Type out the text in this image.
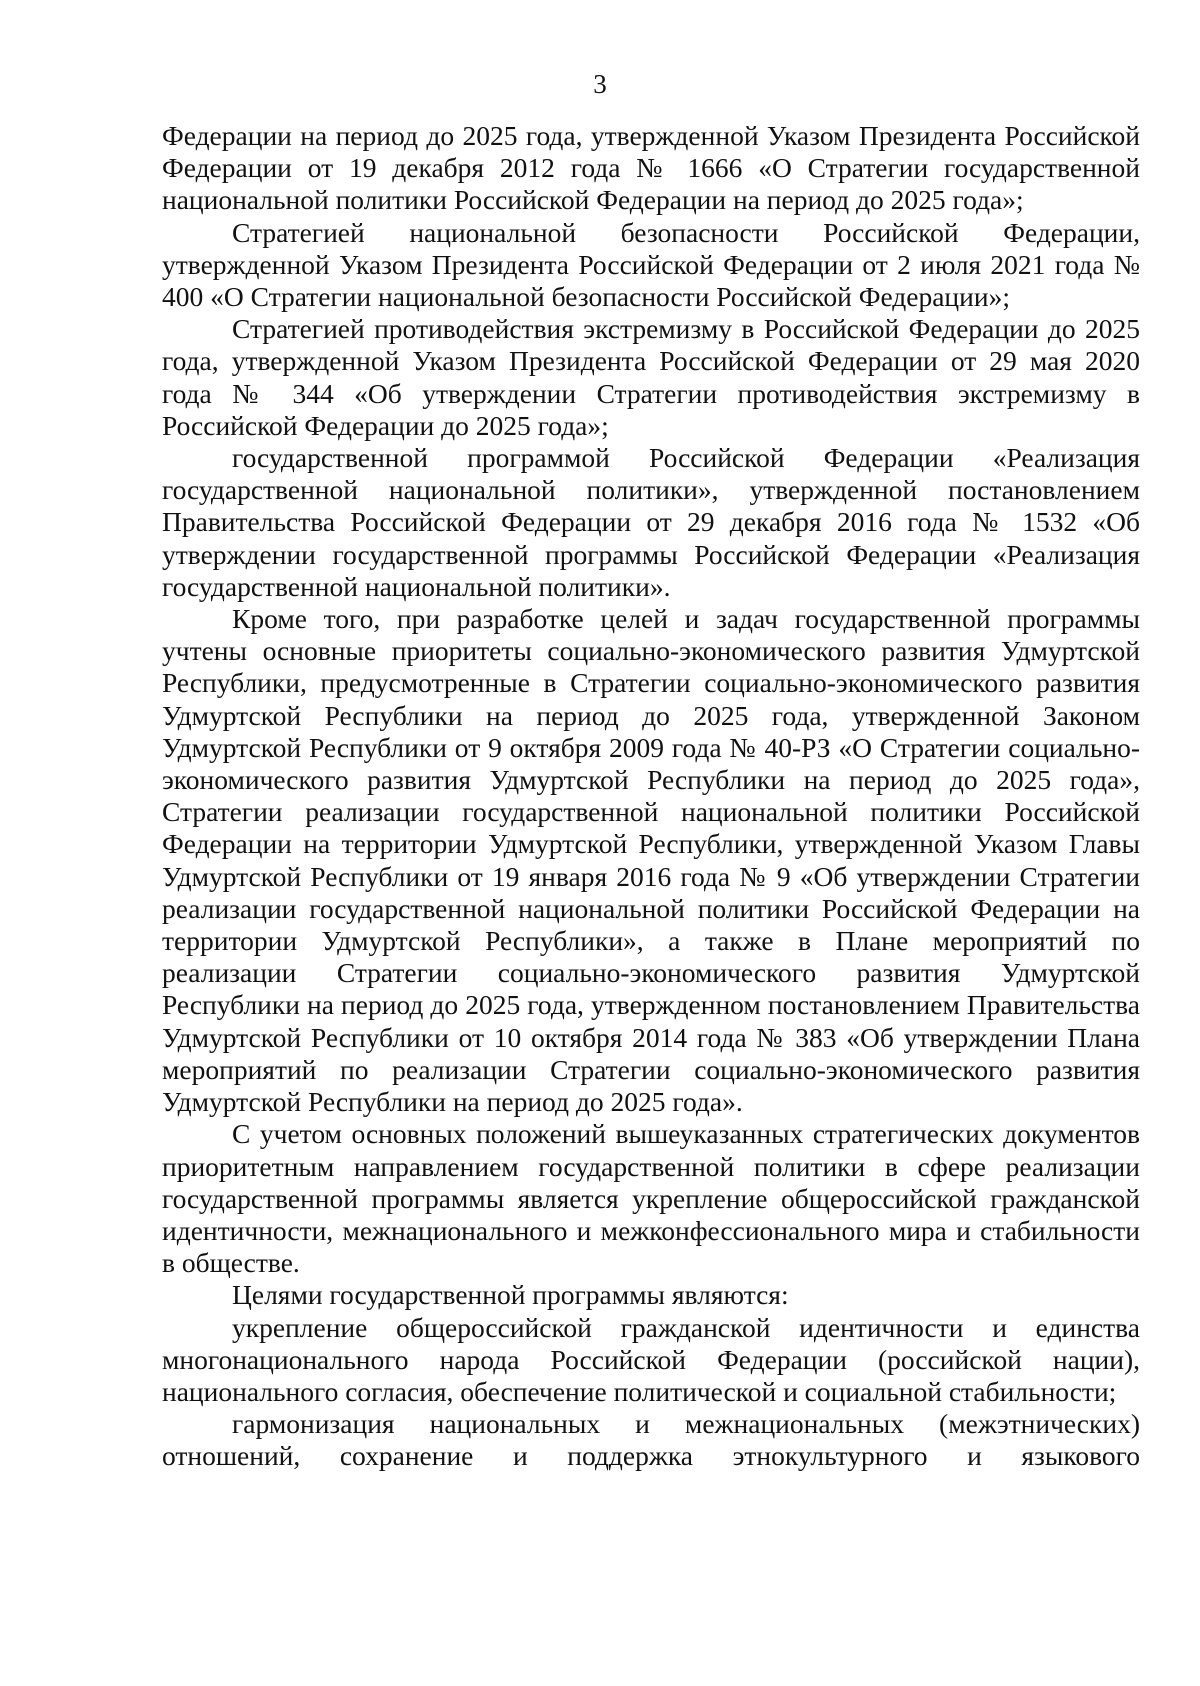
3

Федерации на период до 2025 года, утвержденной Указом Президента Российской Федерации от 19 декабря 2012 года № 1666 «О Стратегии государственной национальной политики Российской Федерации на период до 2025 года»;

Стратегией национальной безопасности Российской Федерации, утвержденной Указом Президента Российской Федерации от 2 июля 2021 года № 400 «О Стратегии национальной безопасности Российской Федерации»;

Стратегией противодействия экстремизму в Российской Федерации до 2025 года, утвержденной Указом Президента Российской Федерации от 29 мая 2020 года № 344 «Об утверждении Стратегии противодействия экстремизму в Российской Федерации до 2025 года»;

государственной программой Российской Федерации «Реализация государственной национальной политики», утвержденной постановлением Правительства Российской Федерации от 29 декабря 2016 года № 1532 «Об утверждении государственной программы Российской Федерации «Реализация государственной национальной политики».

Кроме того, при разработке целей и задач государственной программы учтены основные приоритеты социально-экономического развития Удмуртской Республики, предусмотренные в Стратегии социально-экономического развития Удмуртской Республики на период до 2025 года, утвержденной Законом Удмуртской Республики от 9 октября 2009 года № 40-РЗ «О Стратегии социально-экономического развития Удмуртской Республики на период до 2025 года», Стратегии реализации государственной национальной политики Российской Федерации на территории Удмуртской Республики, утвержденной Указом Главы Удмуртской Республики от 19 января 2016 года № 9 «Об утверждении Стратегии реализации государственной национальной политики Российской Федерации на территории Удмуртской Республики», а также в Плане мероприятий по реализации Стратегии социально-экономического развития Удмуртской Республики на период до 2025 года, утвержденном постановлением Правительства Удмуртской Республики от 10 октября 2014 года № 383 «Об утверждении Плана мероприятий по реализации Стратегии социально-экономического развития Удмуртской Республики на период до 2025 года».

С учетом основных положений вышеуказанных стратегических документов приоритетным направлением государственной политики в сфере реализации государственной программы является укрепление общероссийской гражданской идентичности, межнационального и межконфессионального мира и стабильности в обществе.

Целями государственной программы являются:

укрепление общероссийской гражданской идентичности и единства многонационального народа Российской Федерации (российской нации), национального согласия, обеспечение политической и социальной стабильности;

гармонизация национальных и межнациональных (межэтнических) отношений, сохранение и поддержка этнокультурного и языкового
